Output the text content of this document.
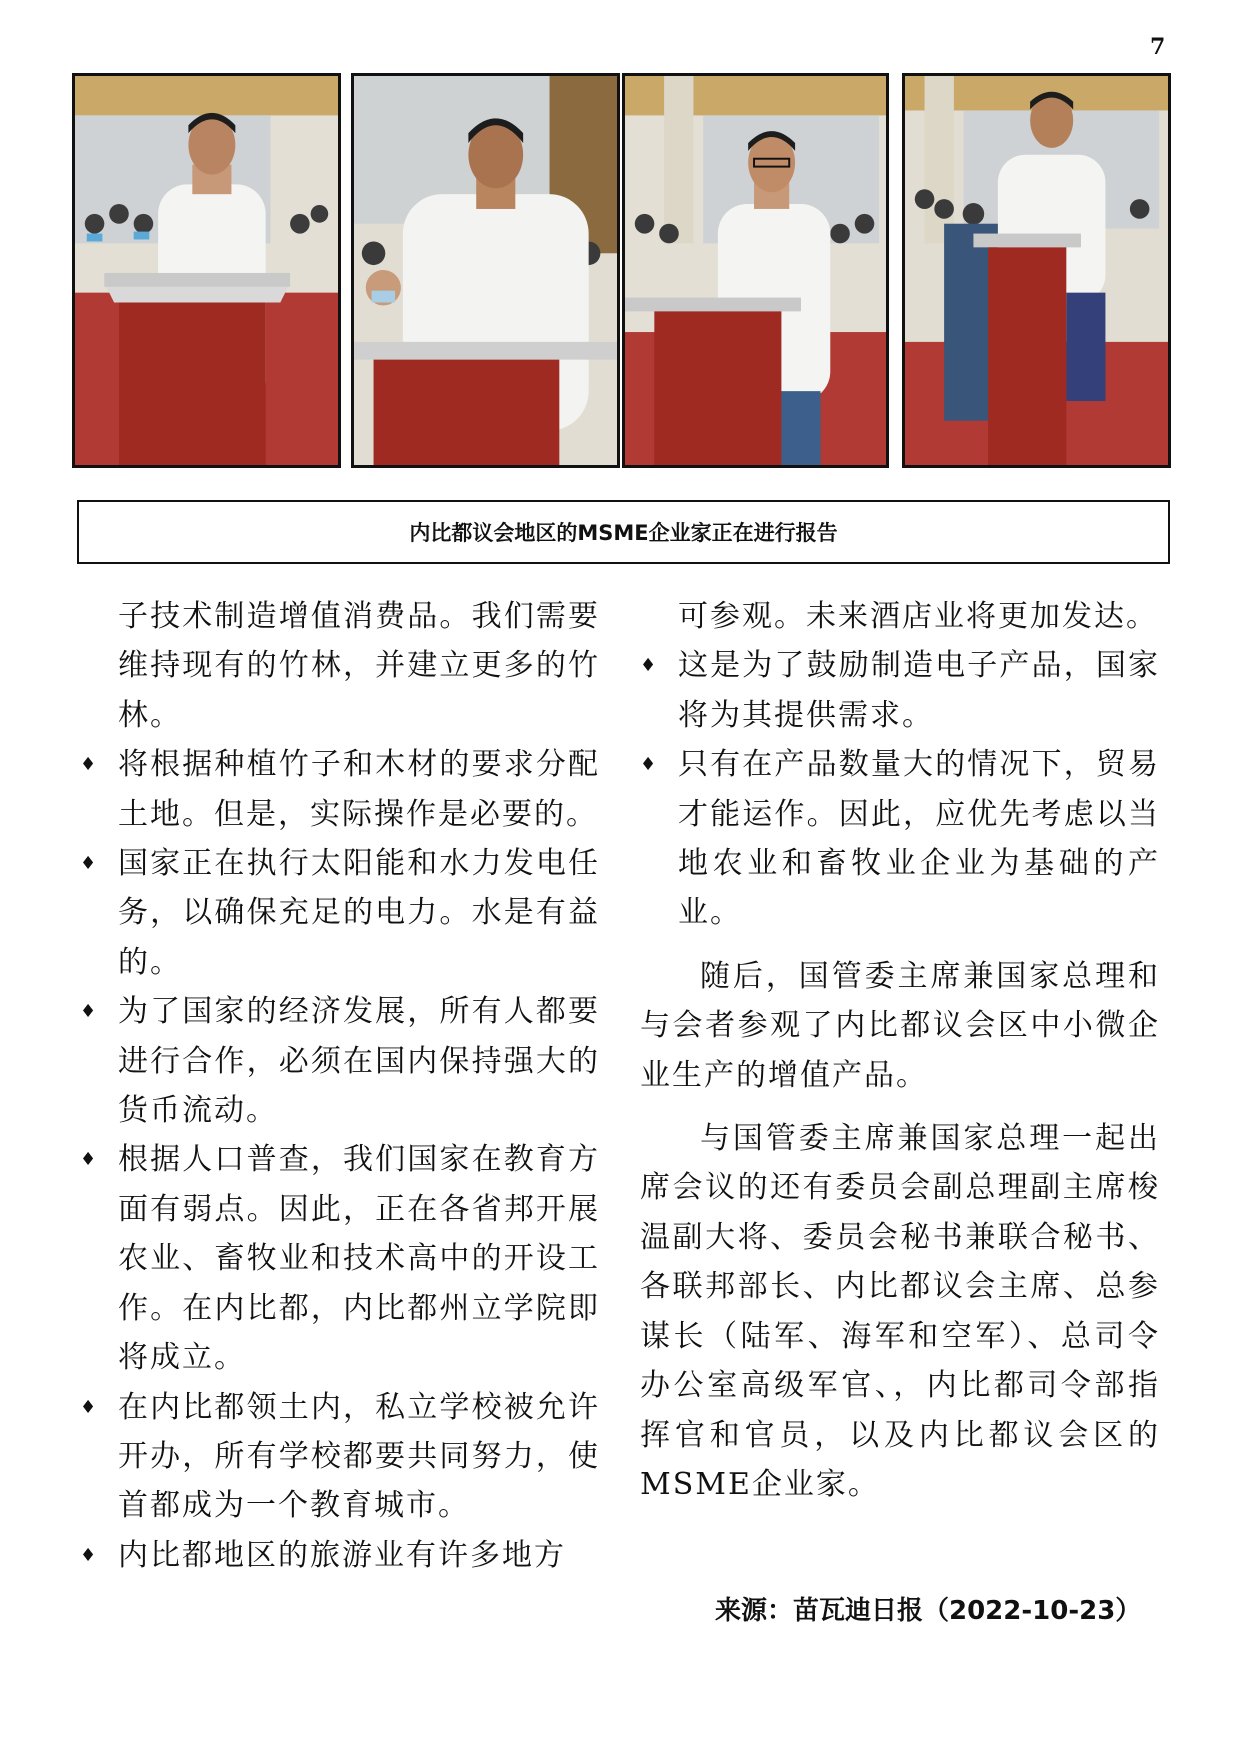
7
内比都议会地区的MSME企业家正在进行报告

子技术制造增值消费品。我们需要维持现有的竹林，并建立更多的竹林。

♦ 将根据种植竹子和木材的要求分配土地。但是，实际操作是必要的。

♦ 国家正在执行太阳能和水力发电任务，以确保充足的电力。水是有益的。

♦ 为了国家的经济发展，所有人都要进行合作，必须在国内保持强大的货币流动。

♦ 根据人口普查，我们国家在教育方面有弱点。因此，正在各省邦开展农业、畜牧业和技术高中的开设工作。在内比都，内比都州立学院即将成立。

♦ 在内比都领土内，私立学校被允许开办，所有学校都要共同努力，使首都成为一个教育城市。

♦ 内比都地区的旅游业有许多地方

可参观。未来酒店业将更加发达。

♦ 这是为了鼓励制造电子产品，国家将为其提供需求。

♦ 只有在产品数量大的情况下，贸易才能运作。因此，应优先考虑以当地农业和畜牧业企业为基础的产业。

随后，国管委主席兼国家总理和与会者参观了内比都议会区中小微企业生产的增值产品。

与国管委主席兼国家总理一起出席会议的还有委员会副总理副主席梭温副大将、委员会秘书兼联合秘书、各联邦部长、内比都议会主席、总参谋长（陆军、海军和空军）、总司令办公室高级军官、，内比都司令部指挥官和官员，以及内比都议会区的MSME企业家。

来源：苗瓦迪日报（2022-10-23）
